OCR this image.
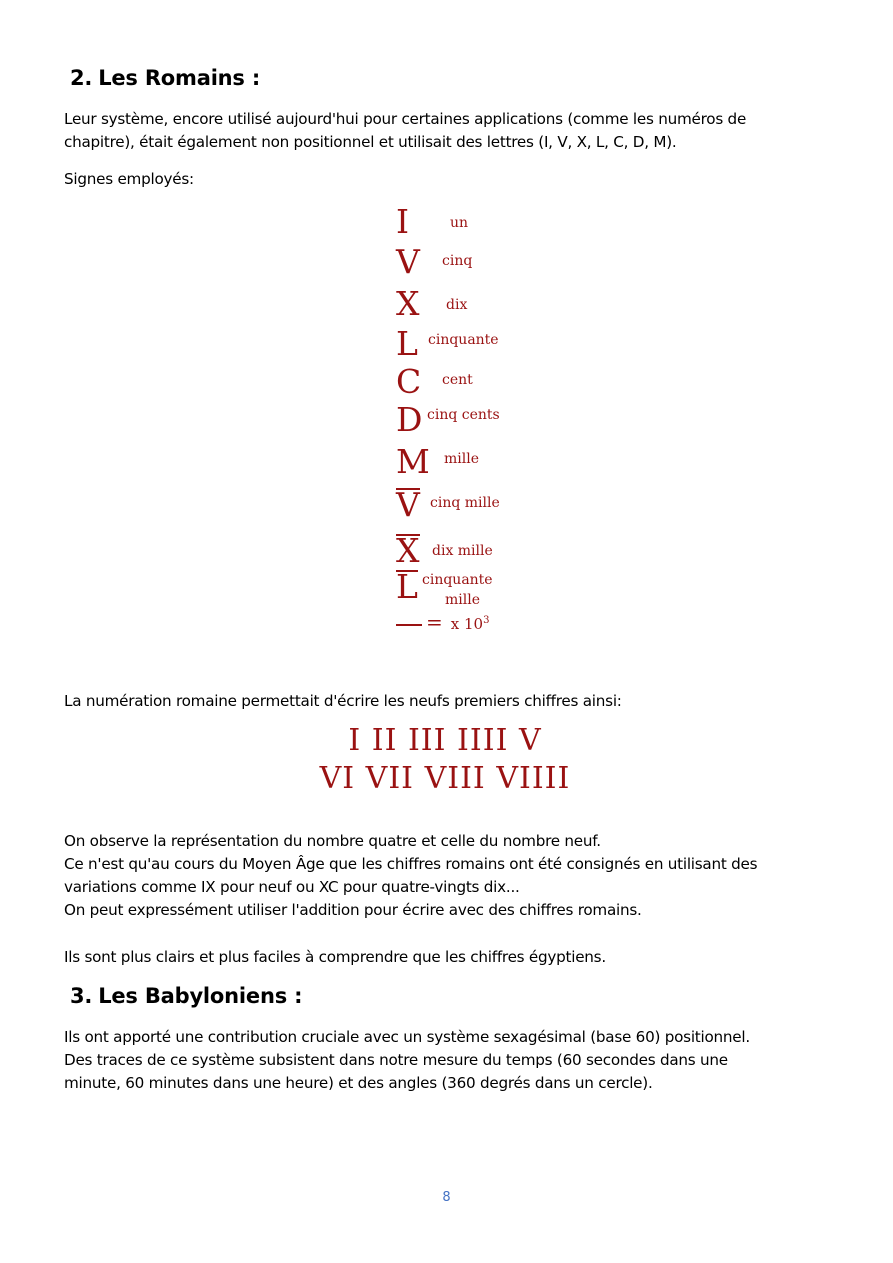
2. Les Romains :

Leur système, encore utilisé aujourd'hui pour certaines applications (comme les numéros de
chapitre), était également non positionnel et utilisait des lettres (I, V, X, L, C, D, M).

Signes employés:

I	un
V cinq
X dix
L cinquante
C cent
D cinq cents
M mille
V cinq mille
X dix mille
L cinquante
mille
= x $10^3$

La numération romaine permettait d'écrire les neufs premiers chiffres ainsi:

I II III IIII V
VI VII VIII VIIII

On observe la représentation du nombre quatre et celle du nombre neuf.
Ce n'est qu'au cours du Moyen Âge que les chiffres romains ont été consignés en utilisant des
variations comme IX pour neuf ou XC pour quatre-vingts dix...
On peut expressément utiliser l'addition pour écrire avec des chiffres romains.

Ils sont plus clairs et plus faciles à comprendre que les chiffres égyptiens.

3. Les Babyloniens :

Ils ont apporté une contribution cruciale avec un système sexagésimal (base 60) positionnel.
Des traces de ce système subsistent dans notre mesure du temps (60 secondes dans une
minute, 60 minutes dans une heure) et des angles (360 degrés dans un cercle).

8
